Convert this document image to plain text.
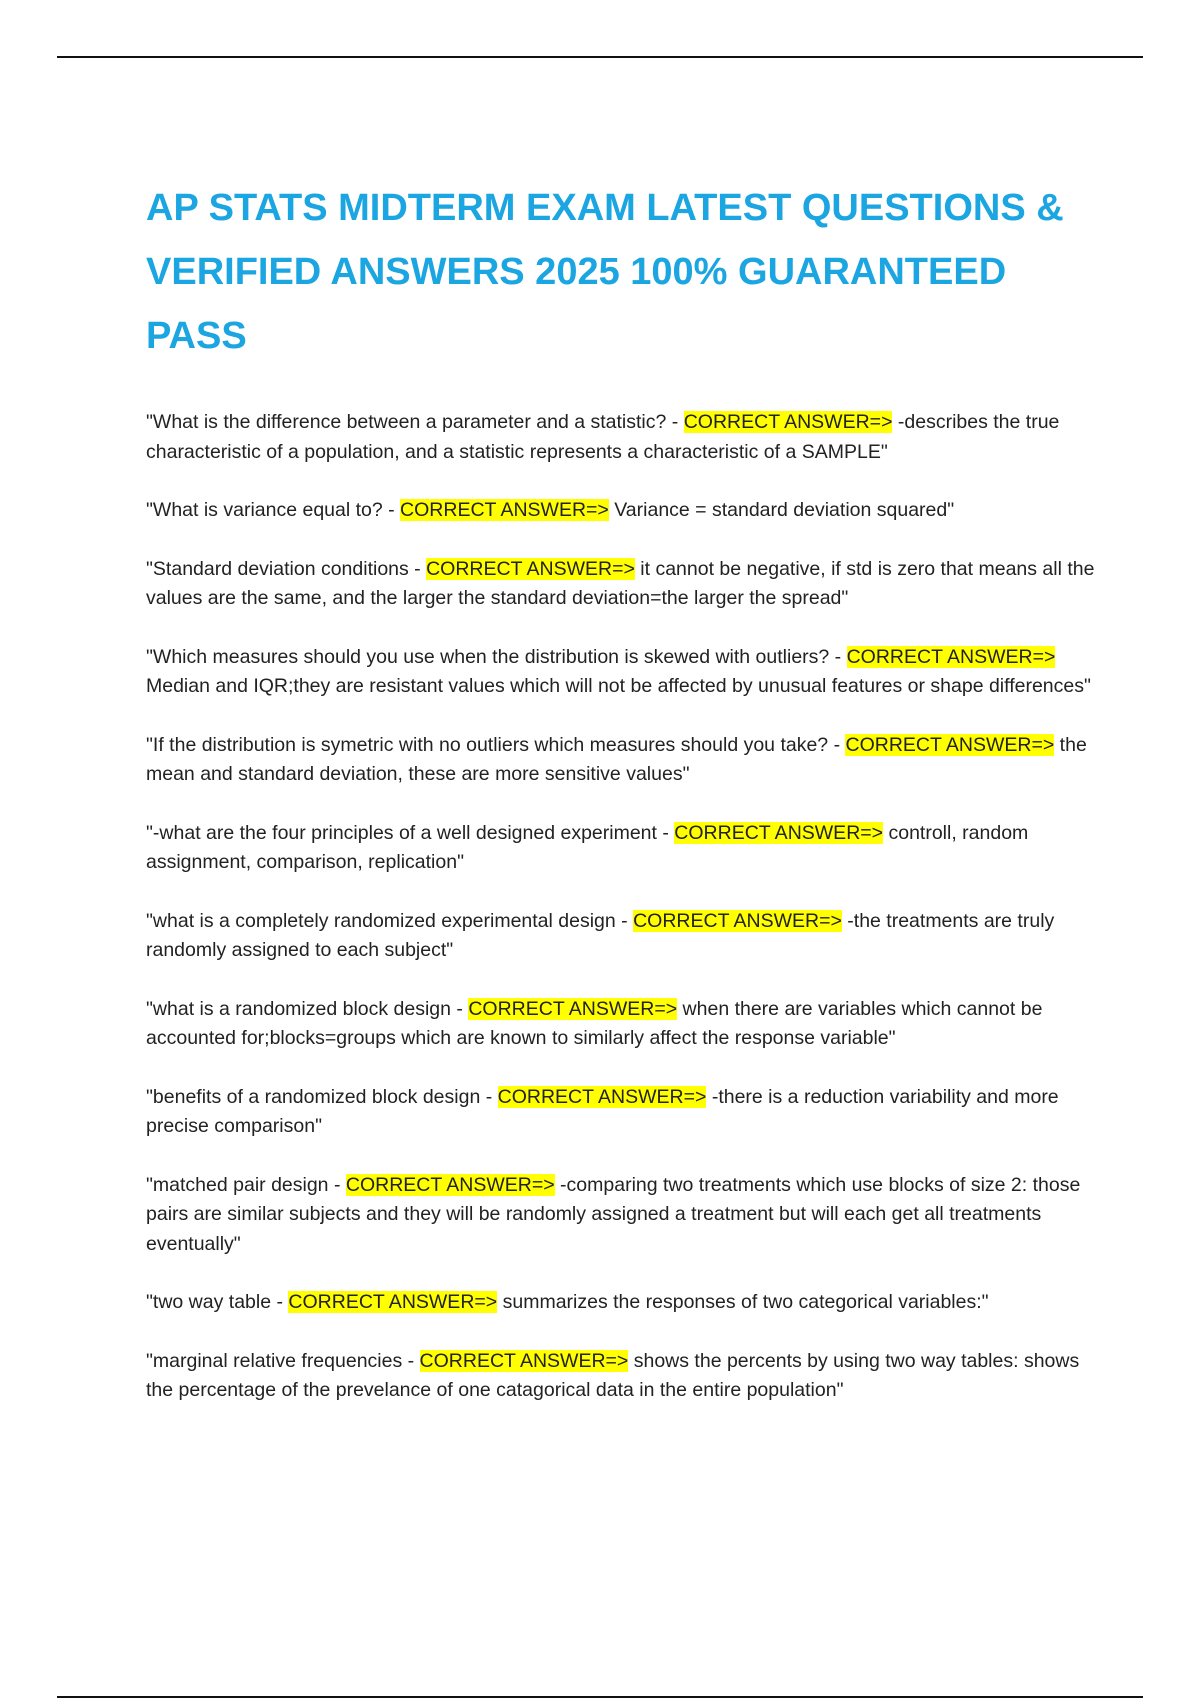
AP STATS MIDTERM EXAM LATEST QUESTIONS & VERIFIED ANSWERS 2025 100% GUARANTEED PASS

"What is the difference between a parameter and a statistic? - CORRECT ANSWER=> -describes the true characteristic of a population, and a statistic represents a characteristic of a SAMPLE"

"What is variance equal to? - CORRECT ANSWER=> Variance = standard deviation squared"

"Standard deviation conditions - CORRECT ANSWER=> it cannot be negative, if std is zero that means all the values are the same, and the larger the standard deviation=the larger the spread"

"Which measures should you use when the distribution is skewed with outliers? - CORRECT ANSWER=> Median and IQR;they are resistant values which will not be affected by unusual features or shape differences"

"If the distribution is symetric with no outliers which measures should you take? - CORRECT ANSWER=> the mean and standard deviation, these are more sensitive values"

"-what are the four principles of a well designed experiment - CORRECT ANSWER=> controll, random assignment, comparison, replication"

"what is a completely randomized experimental design - CORRECT ANSWER=> -the treatments are truly randomly assigned to each subject"

"what is a randomized block design - CORRECT ANSWER=> when there are variables which cannot be accounted for;blocks=groups which are known to similarly affect the response variable"

"benefits of a randomized block design - CORRECT ANSWER=> -there is a reduction variability and more precise comparison"

"matched pair design - CORRECT ANSWER=> -comparing two treatments which use blocks of size 2: those pairs are similar subjects and they will be randomly assigned a treatment but will each get all treatments eventually"

"two way table - CORRECT ANSWER=> summarizes the responses of two categorical variables:"

"marginal relative frequencies - CORRECT ANSWER=> shows the percents by using two way tables: shows the percentage of the prevelance of one catagorical data in the entire population"
